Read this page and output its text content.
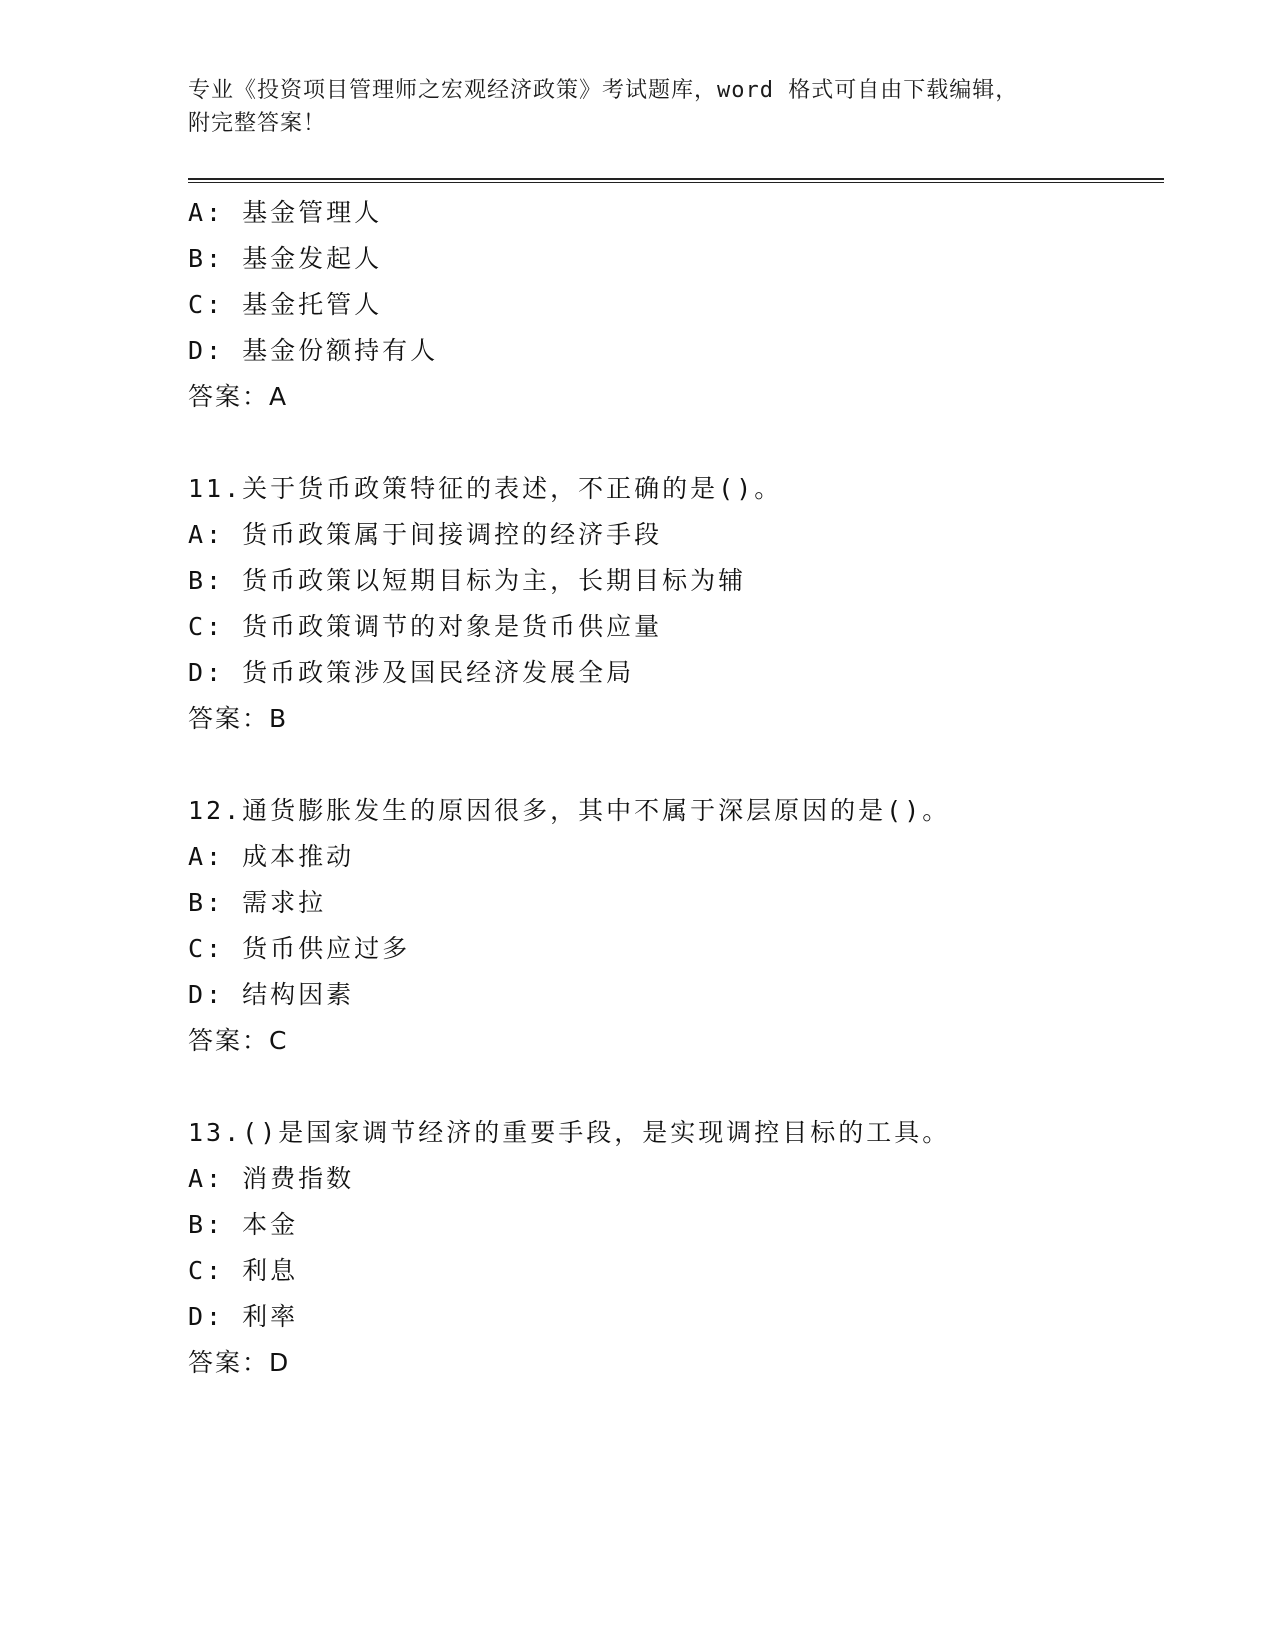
专业《投资项目管理师之宏观经济政策》考试题库，word 格式可自由下载编辑，
附完整答案！
A: 基金管理人
B: 基金发起人
C: 基金托管人
D: 基金份额持有人
答案：A
11.关于货币政策特征的表述，不正确的是()。
A: 货币政策属于间接调控的经济手段
B: 货币政策以短期目标为主，长期目标为辅
C: 货币政策调节的对象是货币供应量
D: 货币政策涉及国民经济发展全局
答案：B
12.通货膨胀发生的原因很多，其中不属于深层原因的是()。
A: 成本推动
B: 需求拉
C: 货币供应过多
D: 结构因素
答案：C
13.()是国家调节经济的重要手段，是实现调控目标的工具。
A: 消费指数
B: 本金
C: 利息
D: 利率
答案：D
